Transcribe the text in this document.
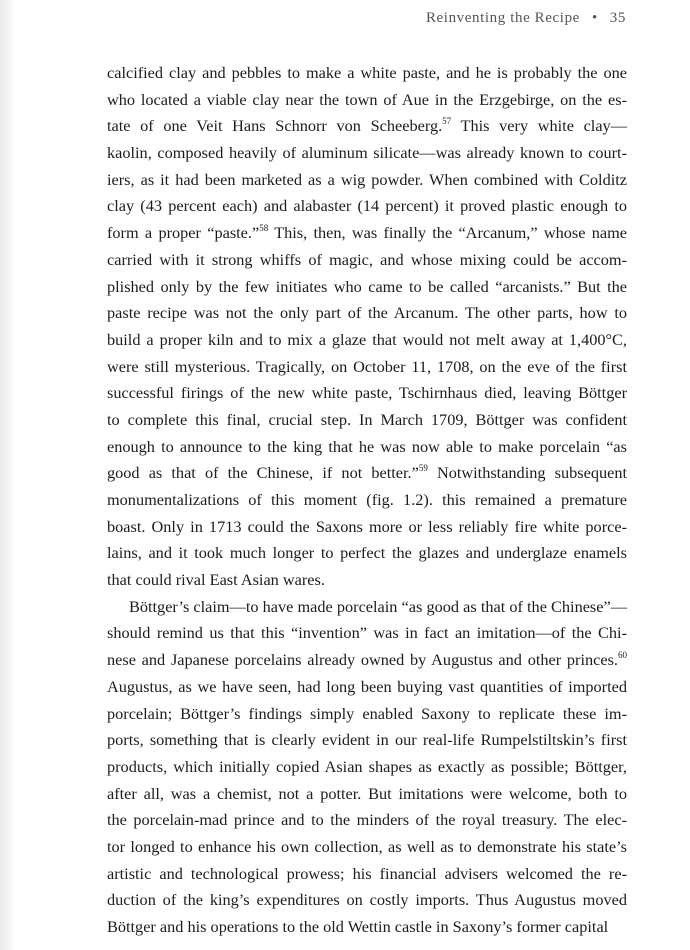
Reinventing the Recipe • 35
calcified clay and pebbles to make a white paste, and he is probably the one
who located a viable clay near the town of Aue in the Erzgebirge, on the es-
tate of one Veit Hans Schnorr von Scheeberg.$^{57}$ This very white clay—
kaolin, composed heavily of aluminum silicate—was already known to court-
iers, as it had been marketed as a wig powder. When combined with Colditz
clay (43 percent each) and alabaster (14 percent) it proved plastic enough to
form a proper “paste.”$^{58}$ This, then, was finally the “Arcanum,” whose name
carried with it strong whiffs of magic, and whose mixing could be accom-
plished only by the few initiates who came to be called “arcanists.” But the
paste recipe was not the only part of the Arcanum. The other parts, how to
build a proper kiln and to mix a glaze that would not melt away at 1,400°C,
were still mysterious. Tragically, on October 11, 1708, on the eve of the first
successful firings of the new white paste, Tschirnhaus died, leaving Böttger
to complete this final, crucial step. In March 1709, Böttger was confident
enough to announce to the king that he was now able to make porcelain “as
good as that of the Chinese, if not better.”$^{59}$ Notwithstanding subsequent
monumentalizations of this moment (fig. 1.2). this remained a premature
boast. Only in 1713 could the Saxons more or less reliably fire white porce-
lains, and it took much longer to perfect the glazes and underglaze enamels
that could rival East Asian wares.
Böttger’s claim—to have made porcelain “as good as that of the Chinese”—
should remind us that this “invention” was in fact an imitation—of the Chi-
nese and Japanese porcelains already owned by Augustus and other princes.$^{60}$
Augustus, as we have seen, had long been buying vast quantities of imported
porcelain; Böttger’s findings simply enabled Saxony to replicate these im-
ports, something that is clearly evident in our real-life Rumpelstiltskin’s first
products, which initially copied Asian shapes as exactly as possible; Böttger,
after all, was a chemist, not a potter. But imitations were welcome, both to
the porcelain-mad prince and to the minders of the royal treasury. The elec-
tor longed to enhance his own collection, as well as to demonstrate his state’s
artistic and technological prowess; his financial advisers welcomed the re-
duction of the king’s expenditures on costly imports. Thus Augustus moved
Böttger and his operations to the old Wettin castle in Saxony’s former capital
